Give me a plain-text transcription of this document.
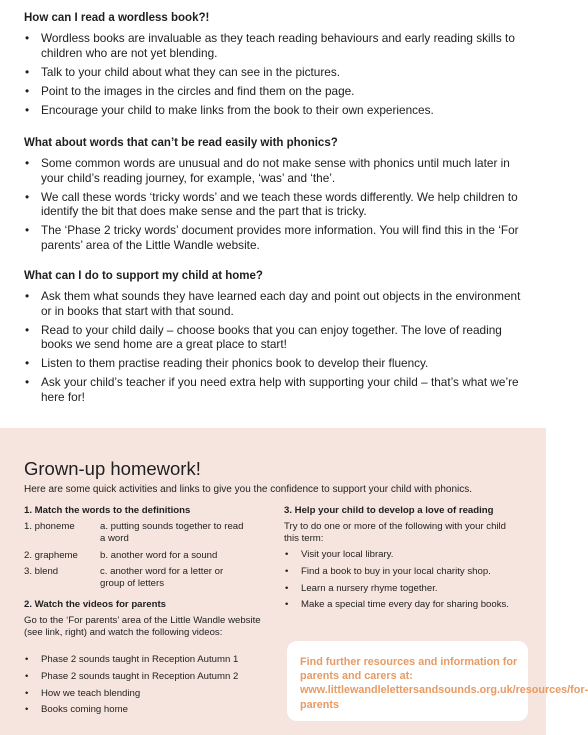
How can I read a wordless book?!
• Wordless books are invaluable as they teach reading behaviours and early reading skills to children who are not yet blending.
• Talk to your child about what they can see in the pictures.
• Point to the images in the circles and find them on the page.
• Encourage your child to make links from the book to their own experiences.
What about words that can’t be read easily with phonics?
• Some common words are unusual and do not make sense with phonics until much later in your child’s reading journey, for example, ‘was’ and ‘the’.
• We call these words ‘tricky words’ and we teach these words differently. We help children to identify the bit that does make sense and the part that is tricky.
• The ‘Phase 2 tricky words’ document provides more information. You will find this in the ‘For parents’ area of the Little Wandle website.
What can I do to support my child at home?
• Ask them what sounds they have learned each day and point out objects in the environment or in books that start with that sound.
• Read to your child daily – choose books that you can enjoy together. The love of reading books we send home are a great place to start!
• Listen to them practise reading their phonics book to develop their fluency.
• Ask your child’s teacher if you need extra help with supporting your child – that’s what we’re here for!
Grown-up homework!

Here are some quick activities and links to give you the confidence to support your child with phonics.

1. Match the words to the definitions
1. phoneme	a. putting sounds together to read a word
2. grapheme	b. another word for a sound
3. blend	c. another word for a letter or group of letters
2. Watch the videos for parents

Go to the ‘For parents’ area of the Little Wandle website (see link, right) and watch the following videos:

• Phase 2 sounds taught in Reception Autumn 1
• Phase 2 sounds taught in Reception Autumn 2
• How we teach blending
• Books coming home
3. Help your child to develop a love of reading

Try to do one or more of the following with your child this term:

• Visit your local library.
• Find a book to buy in your local charity shop.
• Learn a nursery rhyme together.
• Make a special time every day for sharing books.

Find further resources and information for parents and carers at: www.littlewandlelettersandsounds.org.uk/resources/for-parents
